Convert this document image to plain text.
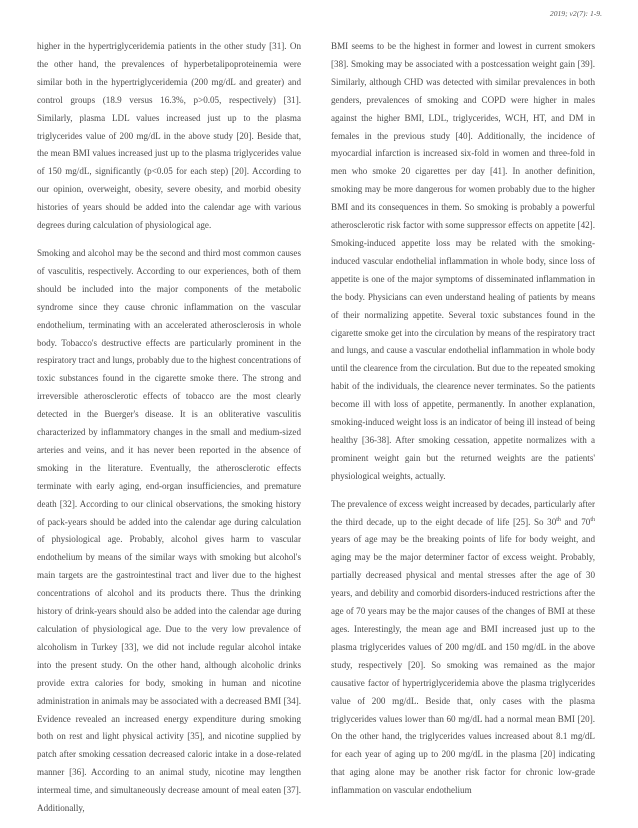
2019; v2(7): 1-9.

higher in the hypertriglyceridemia patients in the other study [31]. On the other hand, the prevalences of hyperbetalipoproteinemia were similar both in the hypertriglyceridemia (200 mg/dL and greater) and control groups (18.9 versus 16.3%, p>0.05, respectively) [31]. Similarly, plasma LDL values increased just up to the plasma triglycerides value of 200 mg/dL in the above study [20]. Beside that, the mean BMI values increased just up to the plasma triglycerides value of 150 mg/dL, significantly (p<0.05 for each step) [20]. According to our opinion, overweight, obesity, severe obesity, and morbid obesity histories of years should be added into the calendar age with various degrees during calculation of physiological age.

Smoking and alcohol may be the second and third most common causes of vasculitis, respectively. According to our experiences, both of them should be included into the major components of the metabolic syndrome since they cause chronic inflammation on the vascular endothelium, terminating with an accelerated atherosclerosis in whole body. Tobacco's destructive effects are particularly prominent in the respiratory tract and lungs, probably due to the highest concentrations of toxic substances found in the cigarette smoke there. The strong and irreversible atherosclerotic effects of tobacco are the most clearly detected in the Buerger's disease. It is an obliterative vasculitis characterized by inflammatory changes in the small and medium-sized arteries and veins, and it has never been reported in the absence of smoking in the literature. Eventually, the atherosclerotic effects terminate with early aging, end-organ insufficiencies, and premature death [32]. According to our clinical observations, the smoking history of pack-years should be added into the calendar age during calculation of physiological age. Probably, alcohol gives harm to vascular endothelium by means of the similar ways with smoking but alcohol's main targets are the gastrointestinal tract and liver due to the highest concentrations of alcohol and its products there. Thus the drinking history of drink-years should also be added into the calendar age during calculation of physiological age. Due to the very low prevalence of alcoholism in Turkey [33], we did not include regular alcohol intake into the present study. On the other hand, although alcoholic drinks provide extra calories for body, smoking in human and nicotine administration in animals may be associated with a decreased BMI [34]. Evidence revealed an increased energy expenditure during smoking both on rest and light physical activity [35], and nicotine supplied by patch after smoking cessation decreased caloric intake in a dose-related manner [36]. According to an animal study, nicotine may lengthen intermeal time, and simultaneously decrease amount of meal eaten [37]. Additionally,

BMI seems to be the highest in former and lowest in current smokers [38]. Smoking may be associated with a postcessation weight gain [39]. Similarly, although CHD was detected with similar prevalences in both genders, prevalences of smoking and COPD were higher in males against the higher BMI, LDL, triglycerides, WCH, HT, and DM in females in the previous study [40]. Additionally, the incidence of myocardial infarction is increased six-fold in women and three-fold in men who smoke 20 cigarettes per day [41]. In another definition, smoking may be more dangerous for women probably due to the higher BMI and its consequences in them. So smoking is probably a powerful atherosclerotic risk factor with some suppressor effects on appetite [42]. Smoking-induced appetite loss may be related with the smoking-induced vascular endothelial inflammation in whole body, since loss of appetite is one of the major symptoms of disseminated inflammation in the body. Physicians can even understand healing of patients by means of their normalizing appetite. Several toxic substances found in the cigarette smoke get into the circulation by means of the respiratory tract and lungs, and cause a vascular endothelial inflammation in whole body until the clearence from the circulation. But due to the repeated smoking habit of the individuals, the clearence never terminates. So the patients become ill with loss of appetite, permanently. In another explanation, smoking-induced weight loss is an indicator of being ill instead of being healthy [36-38]. After smoking cessation, appetite normalizes with a prominent weight gain but the returned weights are the patients' physiological weights, actually.

The prevalence of excess weight increased by decades, particularly after the third decade, up to the eight decade of life [25]. So 30th and 70th years of age may be the breaking points of life for body weight, and aging may be the major determiner factor of excess weight. Probably, partially decreased physical and mental stresses after the age of 30 years, and debility and comorbid disorders-induced restrictions after the age of 70 years may be the major causes of the changes of BMI at these ages. Interestingly, the mean age and BMI increased just up to the plasma triglycerides values of 200 mg/dL and 150 mg/dL in the above study, respectively [20]. So smoking was remained as the major causative factor of hypertriglyceridemia above the plasma triglycerides value of 200 mg/dL. Beside that, only cases with the plasma triglycerides values lower than 60 mg/dL had a normal mean BMI [20]. On the other hand, the triglycerides values increased about 8.1 mg/dL for each year of aging up to 200 mg/dL in the plasma [20] indicating that aging alone may be another risk factor for chronic low-grade inflammation on vascular endothelium
